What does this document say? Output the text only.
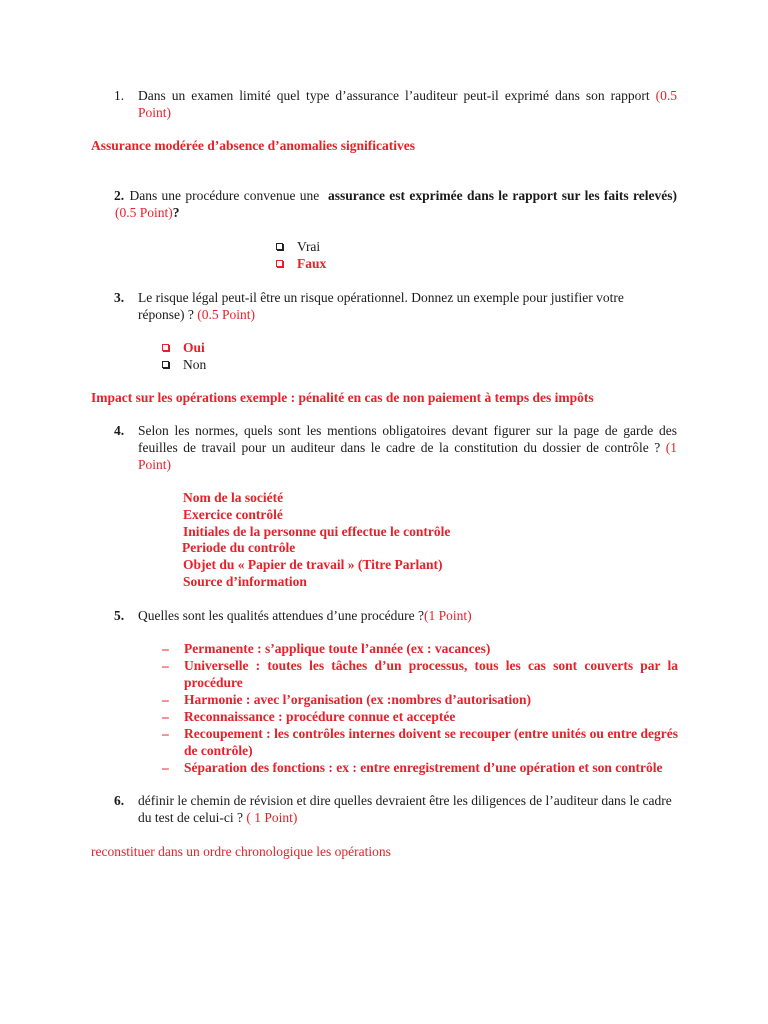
1. Dans un examen limité quel type d’assurance l’auditeur peut-il exprimé dans son rapport (0.5 Point)
Assurance modérée d’absence d’anomalies significatives
2. Dans une procédure convenue une assurance est exprimée dans le rapport sur les faits relevés) (0.5 Point)?
Vrai
Faux
3. Le risque légal peut-il être un risque opérationnel. Donnez un exemple pour justifier votre réponse) ? (0.5 Point)
Oui
Non
Impact sur les opérations exemple : pénalité en cas de non paiement à temps des impôts
4. Selon les normes, quels sont les mentions obligatoires devant figurer sur la page de garde des feuilles de travail pour un auditeur dans le cadre de la constitution du dossier de contrôle ? (1 Point)
Nom de la société
Exercice contrôlé
Initiales de la personne qui effectue le contrôle
Periode du contrôle
Objet du « Papier de travail » (Titre Parlant)
Source d’information
5. Quelles sont les qualités attendues d’une procédure ?(1 Point)
– Permanente : s’applique toute l’année (ex : vacances)
– Universelle : toutes les tâches d’un processus, tous les cas sont couverts par la procédure
– Harmonie : avec l’organisation (ex :nombres d’autorisation)
– Reconnaissance : procédure connue et acceptée
– Recoupement : les contrôles internes doivent se recouper (entre unités ou entre degrés de contrôle)
– Séparation des fonctions : ex : entre enregistrement d’une opération et son contrôle
6. définir le chemin de révision et dire quelles devraient être les diligences de l’auditeur dans le cadre du test de celui-ci ? ( 1 Point)
reconstituer dans un ordre chronologique les opérations
